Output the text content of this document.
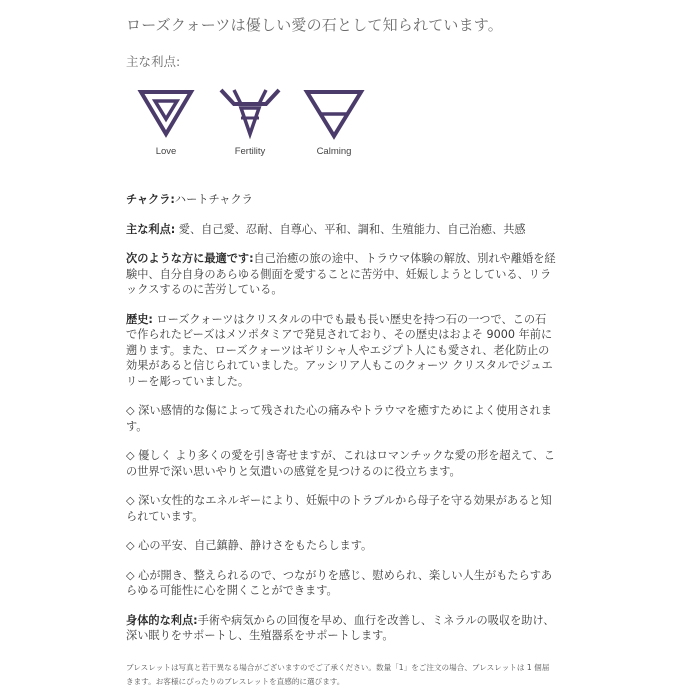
ローズクォーツは優しい愛の石として知られています。
主な利点:
Love	Fertility	Calming

チャクラ:ハートチャクラ

主な利点: 愛、自己愛、忍耐、自尊心、平和、調和、生殖能力、自己治癒、共感

次のような方に最適です:自己治癒の旅の途中、トラウマ体験の解放、別れや離婚を経験中、自分自身のあらゆる側面を愛することに苦労中、妊娠しようとしている、リラックスするのに苦労している。

歴史: ローズクォーツはクリスタルの中でも最も長い歴史を持つ石の一つで、この石で作られたビーズはメソポタミアで発見されており、その歴史はおよそ 9000 年前に遡ります。また、ローズクォーツはギリシャ人やエジプト人にも愛され、老化防止の効果があると信じられていました。アッシリア人もこのクォーツ クリスタルでジュエリーを彫っていました。

◇ 深い感情的な傷によって残された心の痛みやトラウマを癒すためによく使用されます。

◇ 優しく より多くの愛を引き寄せますが、これはロマンチックな愛の形を超えて、この世界で深い思いやりと気遣いの感覚を見つけるのに役立ちます。

◇ 深い女性的なエネルギーにより、妊娠中のトラブルから母子を守る効果があると知られています。

◇ 心の平安、自己鎮静、静けさをもたらします。

◇ 心が開き、整えられるので、つながりを感じ、慰められ、楽しい人生がもたらすあらゆる可能性に心を開くことができます。

身体的な利点:手術や病気からの回復を早め、血行を改善し、ミネラルの吸収を助け、深い眠りをサポートし、生殖器系をサポートします。

ブレスレットは写真と若干異なる場合がございますのでご了承ください。数量「1」をご注文の場合、ブレスレットは 1 個届きます。お客様にぴったりのブレスレットを直感的に選びます。
